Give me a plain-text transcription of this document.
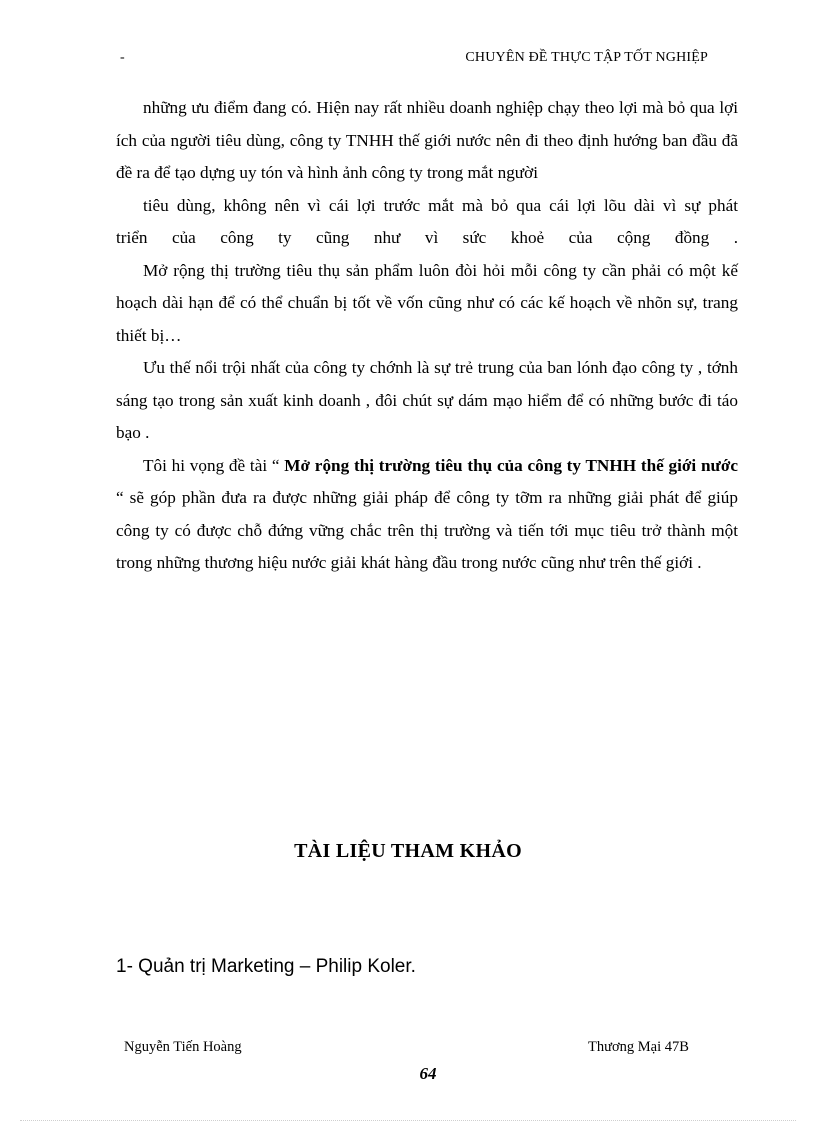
-	CHUYÊN ĐỀ THỰC TẬP TỐT NGHIỆP

những ưu điểm đang có. Hiện nay rất nhiều doanh nghiệp chạy theo lợi mà bỏ qua lợi ích của người tiêu dùng, công ty TNHH thế giới nước nên đi theo định hướng ban đầu đã đề ra để tạo dựng uy tón và hình ảnh công ty trong mắt người

tiêu dùng, không nên vì cái lợi trước mắt mà bỏ qua cái lợi lõu dài vì sự phát

triển của công ty cũng như vì sức khoẻ của cộng đồng .

Mở rộng thị trường tiêu thụ sản phẩm luôn đòi hỏi mỗi công ty cần phải có một kế hoạch dài hạn để có thể chuẩn bị tốt về vốn cũng như có các kế hoạch về nhõn sự, trang thiết bị…

Ưu thế nổi trội nhất của công ty chớnh là sự trẻ trung của ban lónh đạo công ty , tớnh sáng tạo trong sản xuất kinh doanh , đôi chút sự dám mạo hiểm để có những bước đi táo bạo .

Tôi hi vọng đề tài “ Mở rộng thị trường tiêu thụ của công ty TNHH thế giới nước “ sẽ góp phần đưa ra được những giải pháp để công ty tỡm ra những giải phát để giúp công ty có được chỗ đứng vững chắc trên thị trường và tiến tới mục tiêu trở thành một trong những thương hiệu nước giải khát hàng đầu trong nước cũng như trên thế giới .

TÀI LIỆU THAM KHẢO
1- Quản trị Marketing – Philip Koler.
Nguyễn Tiến Hoàng	Thương Mại 47B
64
